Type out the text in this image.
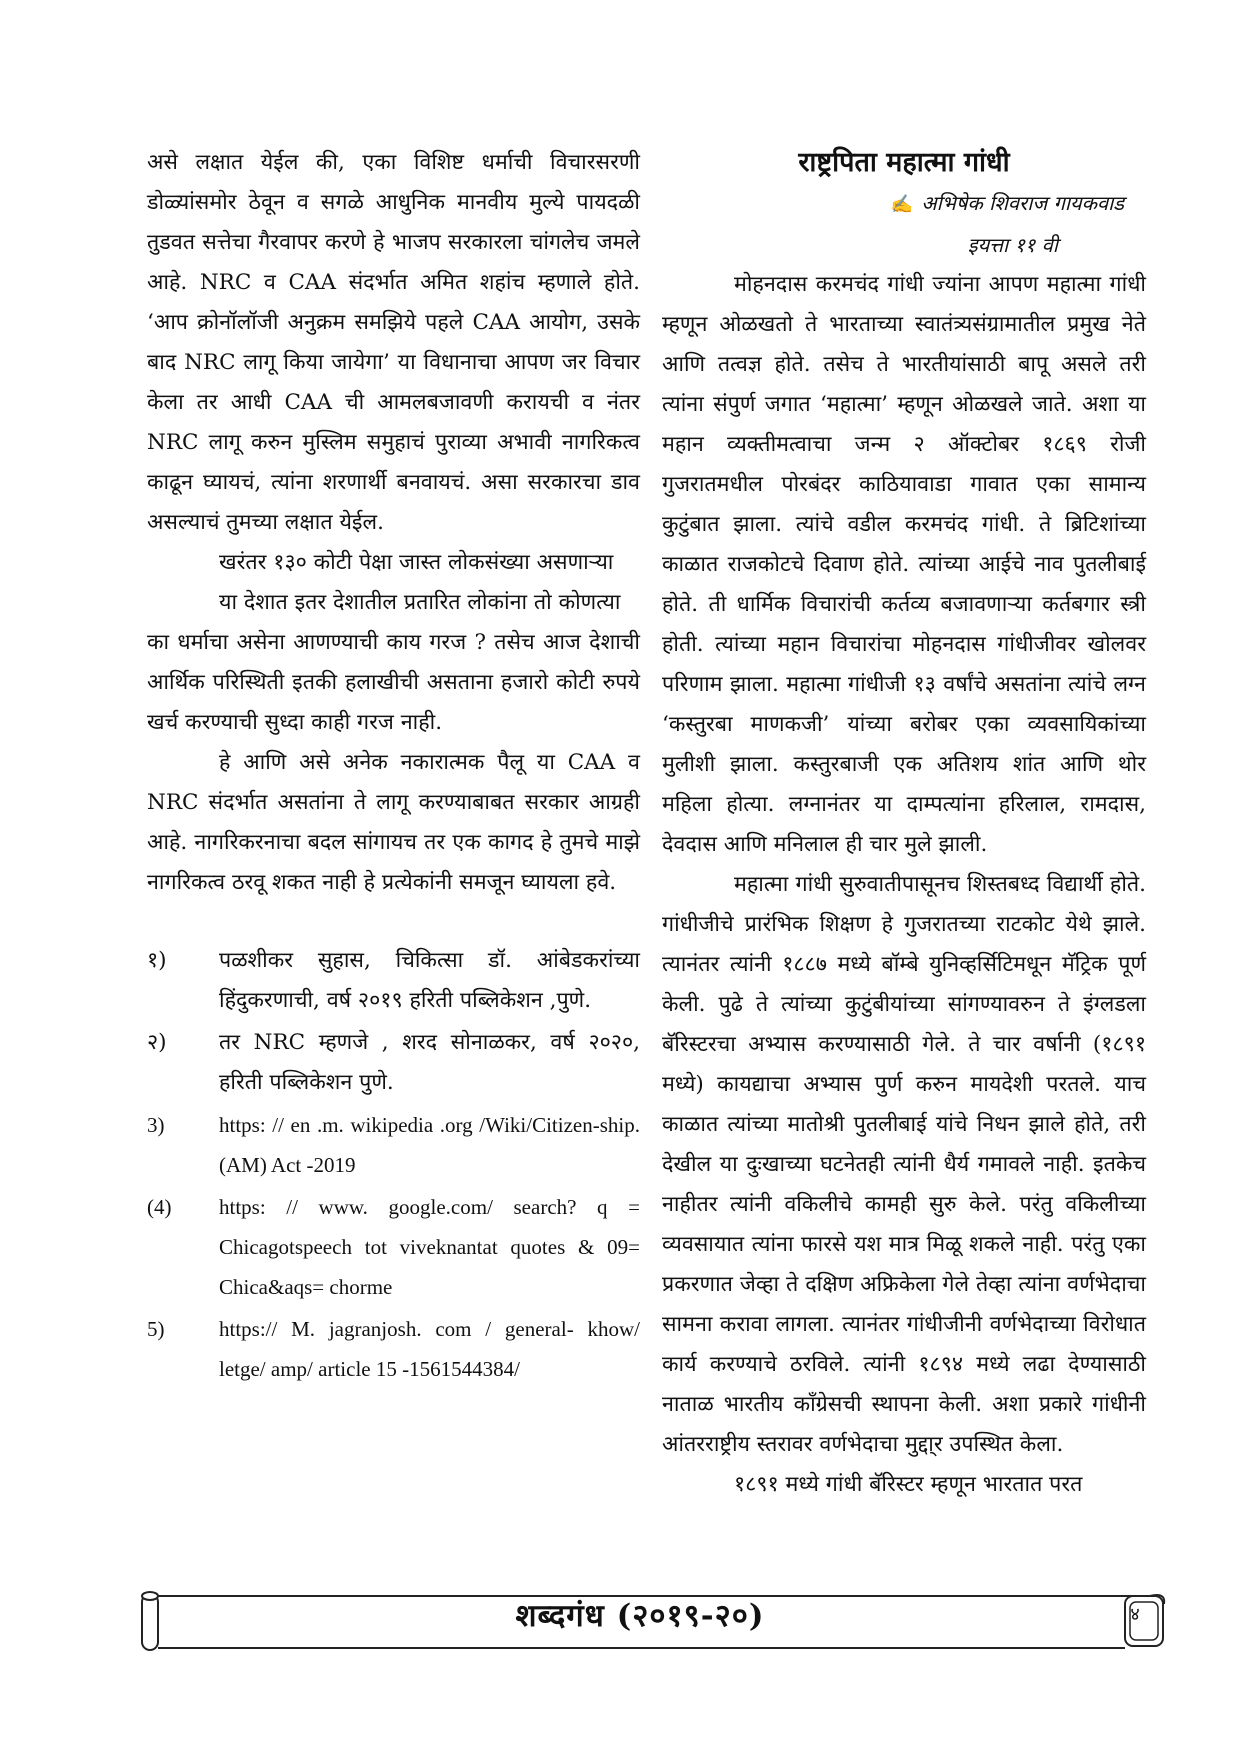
असे लक्षात येईल की, एका विशिष्ट धर्माची विचारसरणी डोळ्यांसमोर ठेवून व सगळे आधुनिक मानवीय मुल्ये पायदळी तुडवत सत्तेचा गैरवापर करणे हे भाजप सरकारला चांगलेच जमले आहे. NRC व CAA संदर्भात अमित शहांच म्हणाले होते. ‘आप क्रोनॉलॉजी अनुक्रम समझिये पहले CAA आयोग, उसके बाद NRC लागू किया जायेगा’ या विधानाचा आपण जर विचार केला तर आधी CAA ची आमलबजावणी करायची व नंतर NRC लागू करुन मुस्लिम समुहाचं पुराव्या अभावी नागरिकत्व काढून घ्यायचं, त्यांना शरणार्थी बनवायचं. असा सरकारचा डाव असल्याचं तुमच्या लक्षात येईल.

खरंतर १३० कोटी पेक्षा जास्त लोकसंख्या असणाऱ्या

या देशात इतर देशातील प्रतारित लोकांना तो कोणत्या

का धर्माचा असेना आणण्याची काय गरज ? तसेच आज देशाची आर्थिक परिस्थिती इतकी हलाखीची असताना हजारो कोटी रुपये खर्च करण्याची सुध्दा काही गरज नाही.

हे आणि असे अनेक नकारात्मक पैलू या CAA व NRC संदर्भात असतांना ते लागू करण्याबाबत सरकार आग्रही आहे. नागरिकरनाचा बदल सांगायच तर एक कागद हे तुमचे माझे नागरिकत्व ठरवू शकत नाही हे प्रत्येकांनी समजून घ्यायला हवे.

१)	पळशीकर सुहास, चिकित्सा डॉ. आंबेडकरांच्या हिंदुकरणाची, वर्ष २०१९ हरिती पब्लिकेशन ,पुणे.
२)	तर NRC म्हणजे , शरद सोनाळकर, वर्ष २०२०, हरिती पब्लिकेशन पुणे.
3)	https: // en .m. wikipedia .org /Wiki/Citizen-ship. (AM) Act -2019
(4)	https: // www. google.com/ search? q = Chicagotspeech tot viveknantat quotes & 09= Chica&aqs= chorme
5)	https:// M. jagranjosh. com / general- khow/ letge/ amp/ article 15 -1561544384/
राष्ट्रपिता महात्मा गांधी
✍ अभिषेक शिवराज गायकवाड
इयत्ता ११ वी

मोहनदास करमचंद गांधी ज्यांना आपण महात्मा गांधी म्हणून ओळखतो ते भारताच्या स्वातंत्र्यसंग्रामातील प्रमुख नेते आणि तत्वज्ञ होते. तसेच ते भारतीयांसाठी बापू असले तरी त्यांना संपुर्ण जगात ‘महात्मा’ म्हणून ओळखले जाते. अशा या महान व्यक्तीमत्वाचा जन्म २ ऑक्टोबर १८६९ रोजी गुजरातमधील पोरबंदर काठियावाडा गावात एका सामान्य कुटुंबात झाला. त्यांचे वडील करमचंद गांधी. ते ब्रिटिशांच्या काळात राजकोटचे दिवाण होते. त्यांच्या आईचे नाव पुतलीबाई होते. ती धार्मिक विचारांची कर्तव्य बजावणाऱ्या कर्तबगार स्त्री होती. त्यांच्या महान विचारांचा मोहनदास गांधीजीवर खोलवर परिणाम झाला. महात्मा गांधीजी १३ वर्षांचे असतांना त्यांचे लग्न ‘कस्तुरबा माणकजी’ यांच्या बरोबर एका व्यवसायिकांच्या मुलीशी झाला. कस्तुरबाजी एक अतिशय शांत आणि थोर महिला होत्या. लग्नानंतर या दाम्पत्यांना हरिलाल, रामदास, देवदास आणि मनिलाल ही चार मुले झाली.

महात्मा गांधी सुरुवातीपासूनच शिस्तबध्द विद्यार्थी होते. गांधीजीचे प्रारंभिक शिक्षण हे गुजरातच्या राटकोट येथे झाले. त्यानंतर त्यांनी १८८७ मध्ये बॉम्बे युनिव्हर्सिटिमधून मॅट्रिक पूर्ण केली. पुढे ते त्यांच्या कुटुंबीयांच्या सांगण्यावरुन ते इंग्लडला बॅरिस्टरचा अभ्यास करण्यासाठी गेले. ते चार वर्षानी (१८९१ मध्ये) कायद्याचा अभ्यास पुर्ण करुन मायदेशी परतले. याच काळात त्यांच्या मातोश्री पुतलीबाई यांचे निधन झाले होते, तरी देखील या दुःखाच्या घटनेतही त्यांनी धैर्य गमावले नाही. इतकेच नाहीतर त्यांनी वकिलीचे कामही सुरु केले. परंतु वकिलीच्या व्यवसायात त्यांना फारसे यश मात्र मिळू शकले नाही. परंतु एका प्रकरणात जेव्हा ते दक्षिण अफ्रिकेला गेले तेव्हा त्यांना वर्णभेदाचा सामना करावा लागला. त्यानंतर गांधीजीनी वर्णभेदाच्या विरोधात कार्य करण्याचे ठरविले. त्यांनी १८९४ मध्ये लढा देण्यासाठी नाताळ भारतीय कॉंग्रेसची स्थापना केली. अशा प्रकारे गांधीनी आंतरराष्ट्रीय स्तरावर वर्णभेदाचा मुद्दा्र उपस्थित केला.

१८९१ मध्ये गांधी बॅरिस्टर म्हणून भारतात परत

शब्दगंध (२०१९-२०)	४
